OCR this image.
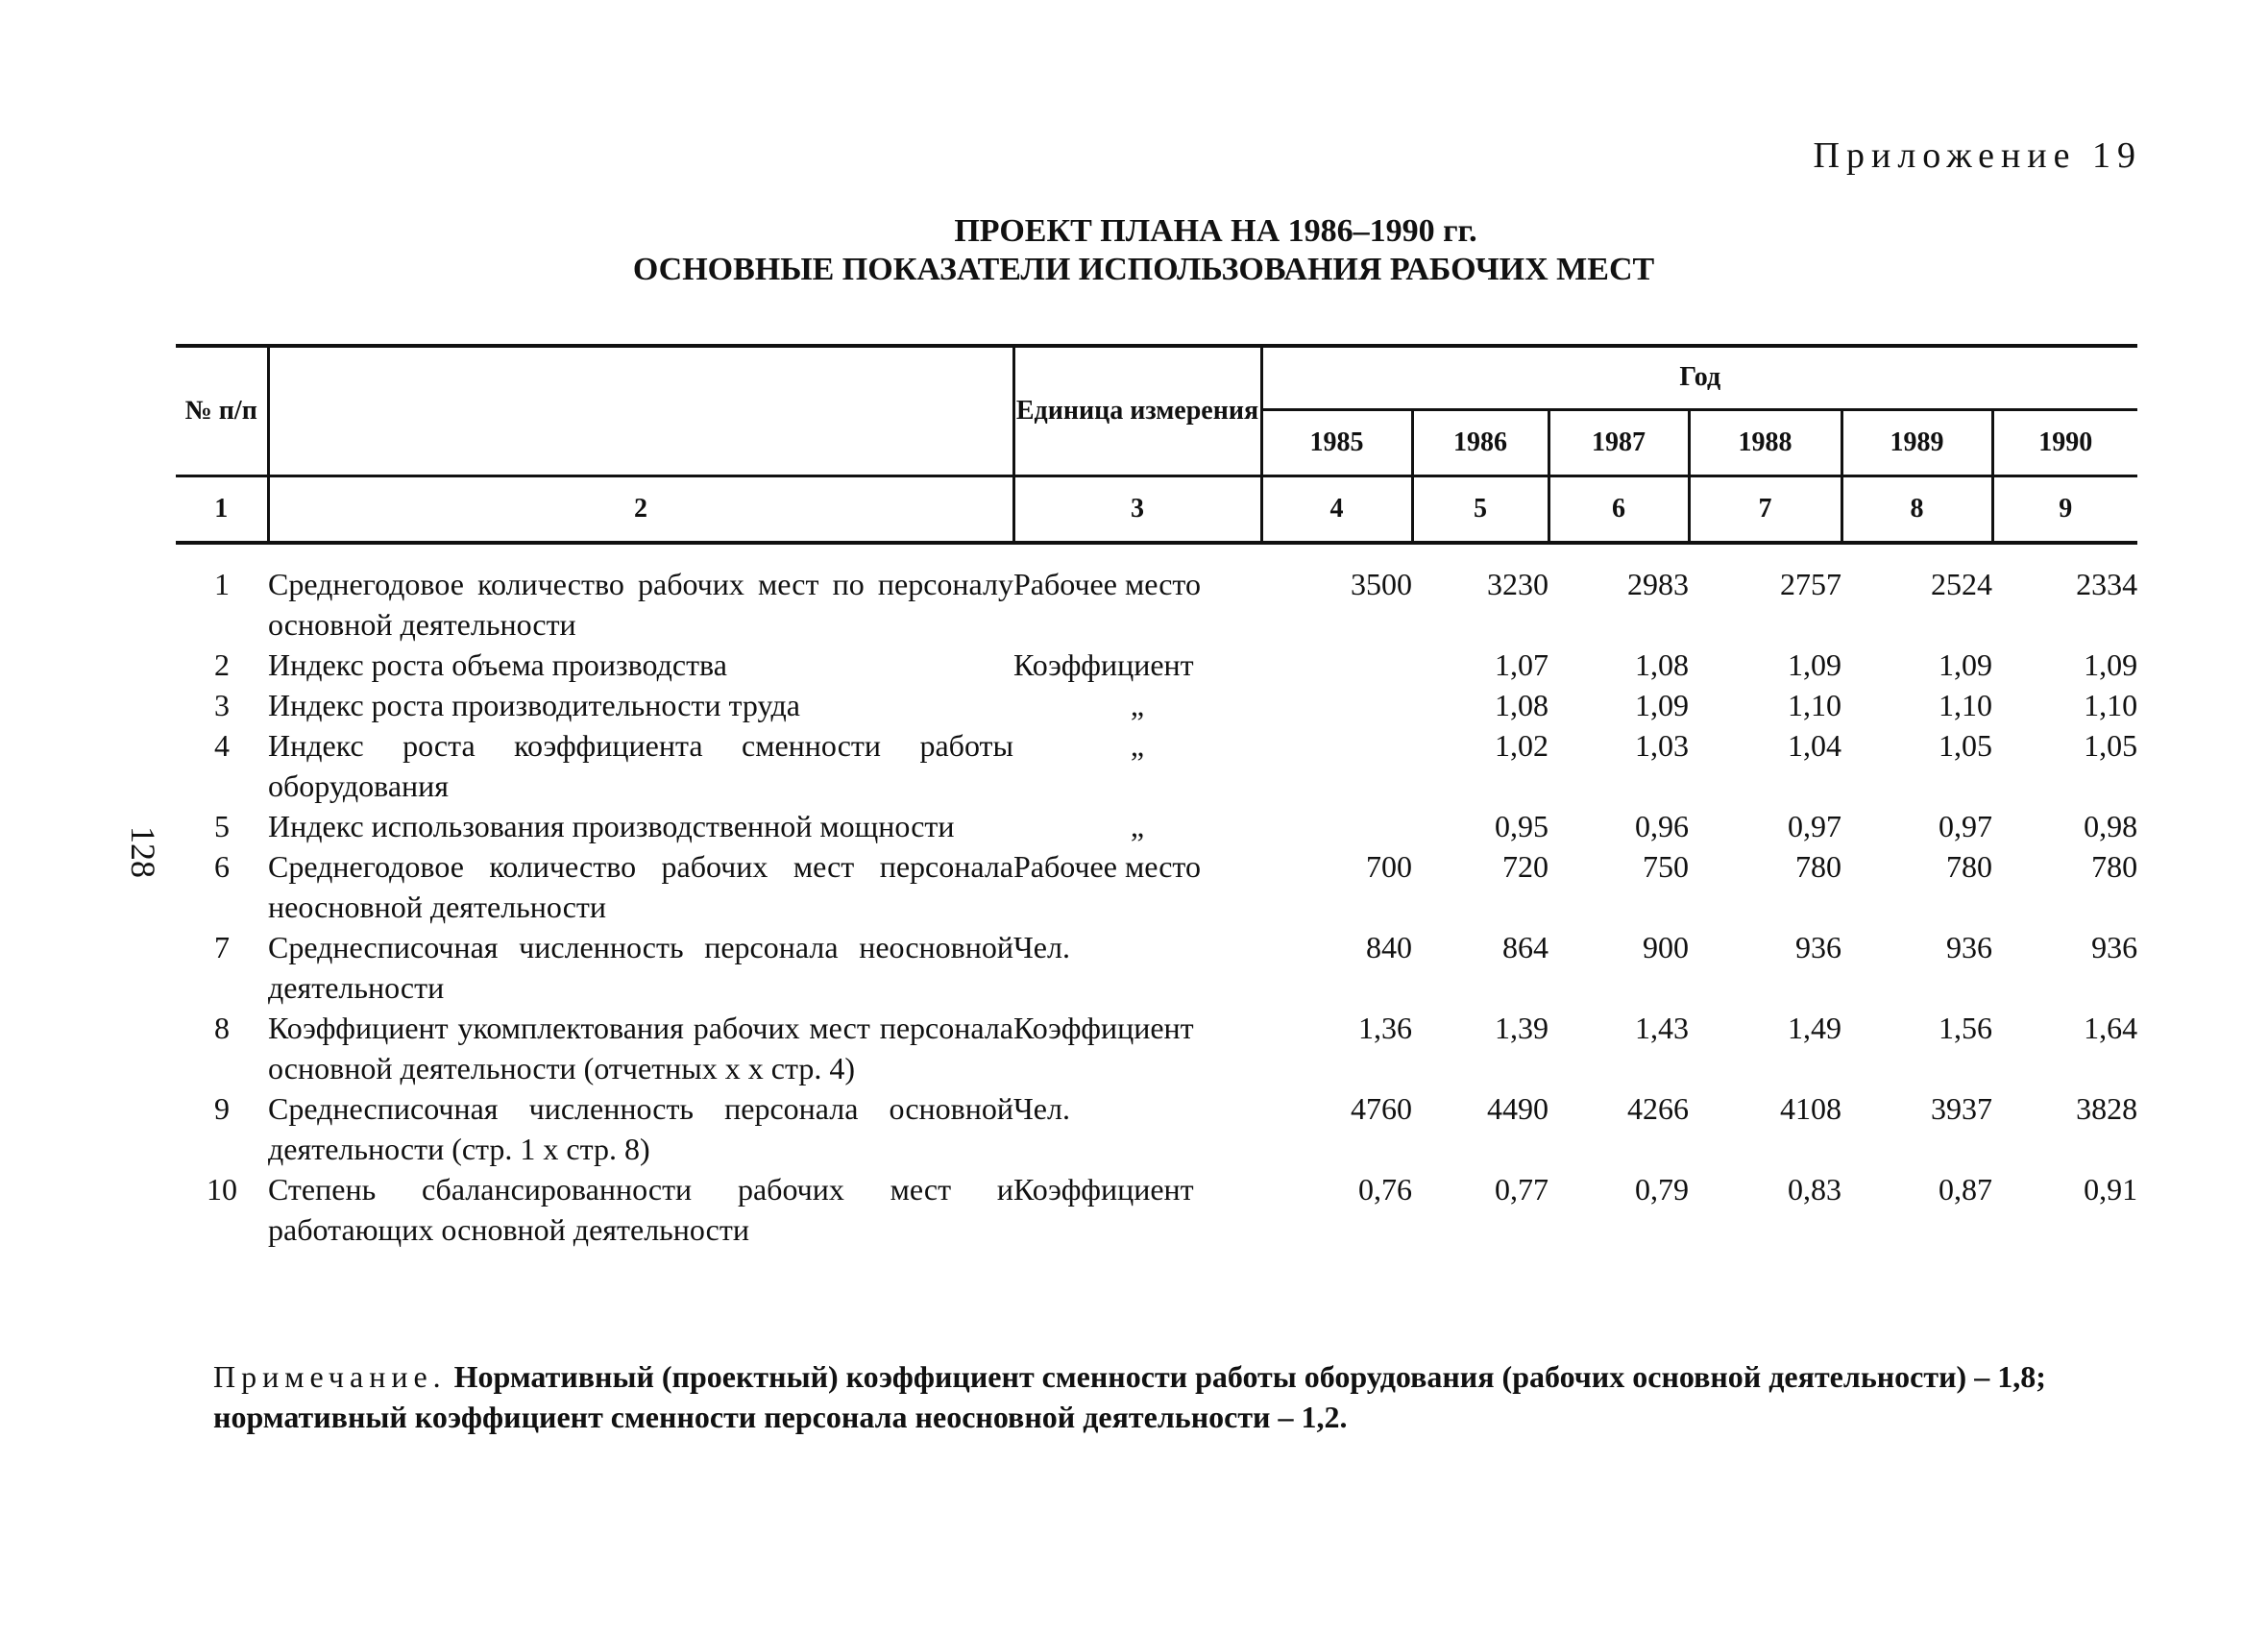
Приложение 19
ПРОЕКТ ПЛАНА НА 1986–1990 гг.
ОСНОВНЫЕ ПОКАЗАТЕЛИ ИСПОЛЬЗОВАНИЯ РАБОЧИХ МЕСТ
128
№ п/п		Единица измерения	Год					
			1985	1986	1987	1988	1989	1990
1	2	3	4	5	6	7	8	9

1	Среднегодовое количество рабочих мест по персоналу основной деятельности	Рабочее место	3500	3230	2983	2757	2524	2334
2	Индекс роста объема производства	Коэффициент		1,07	1,08	1,09	1,09	1,09
3	Индекс роста производительности труда	„		1,08	1,09	1,10	1,10	1,10
4	Индекс роста коэффициента сменности работы оборудования	„		1,02	1,03	1,04	1,05	1,05
5	Индекс использования производственной мощности	„		0,95	0,96	0,97	0,97	0,98
6	Среднегодовое количество рабочих мест персонала неосновной деятельности	Рабочее место	700	720	750	780	780	780
7	Среднесписочная численность персонала неосновной деятельности	Чел.	840	864	900	936	936	936
8	Коэффициент укомплектования рабочих мест персонала основной деятельности (отчетных x x стр. 4)	Коэффициент	1,36	1,39	1,43	1,49	1,56	1,64
9	Среднесписочная численность персонала основной деятельности (стр. 1 x стр. 8)	Чел.	4760	4490	4266	4108	3937	3828
10	Степень сбалансированности рабочих мест и работающих основной деятельности	Коэффициент	0,76	0,77	0,79	0,83	0,87	0,91
Примечание. Нормативный (проектный) коэффициент сменности работы оборудования (рабочих основной деятельности) – 1,8; нормативный коэффициент сменности персонала неосновной деятельности – 1,2.
